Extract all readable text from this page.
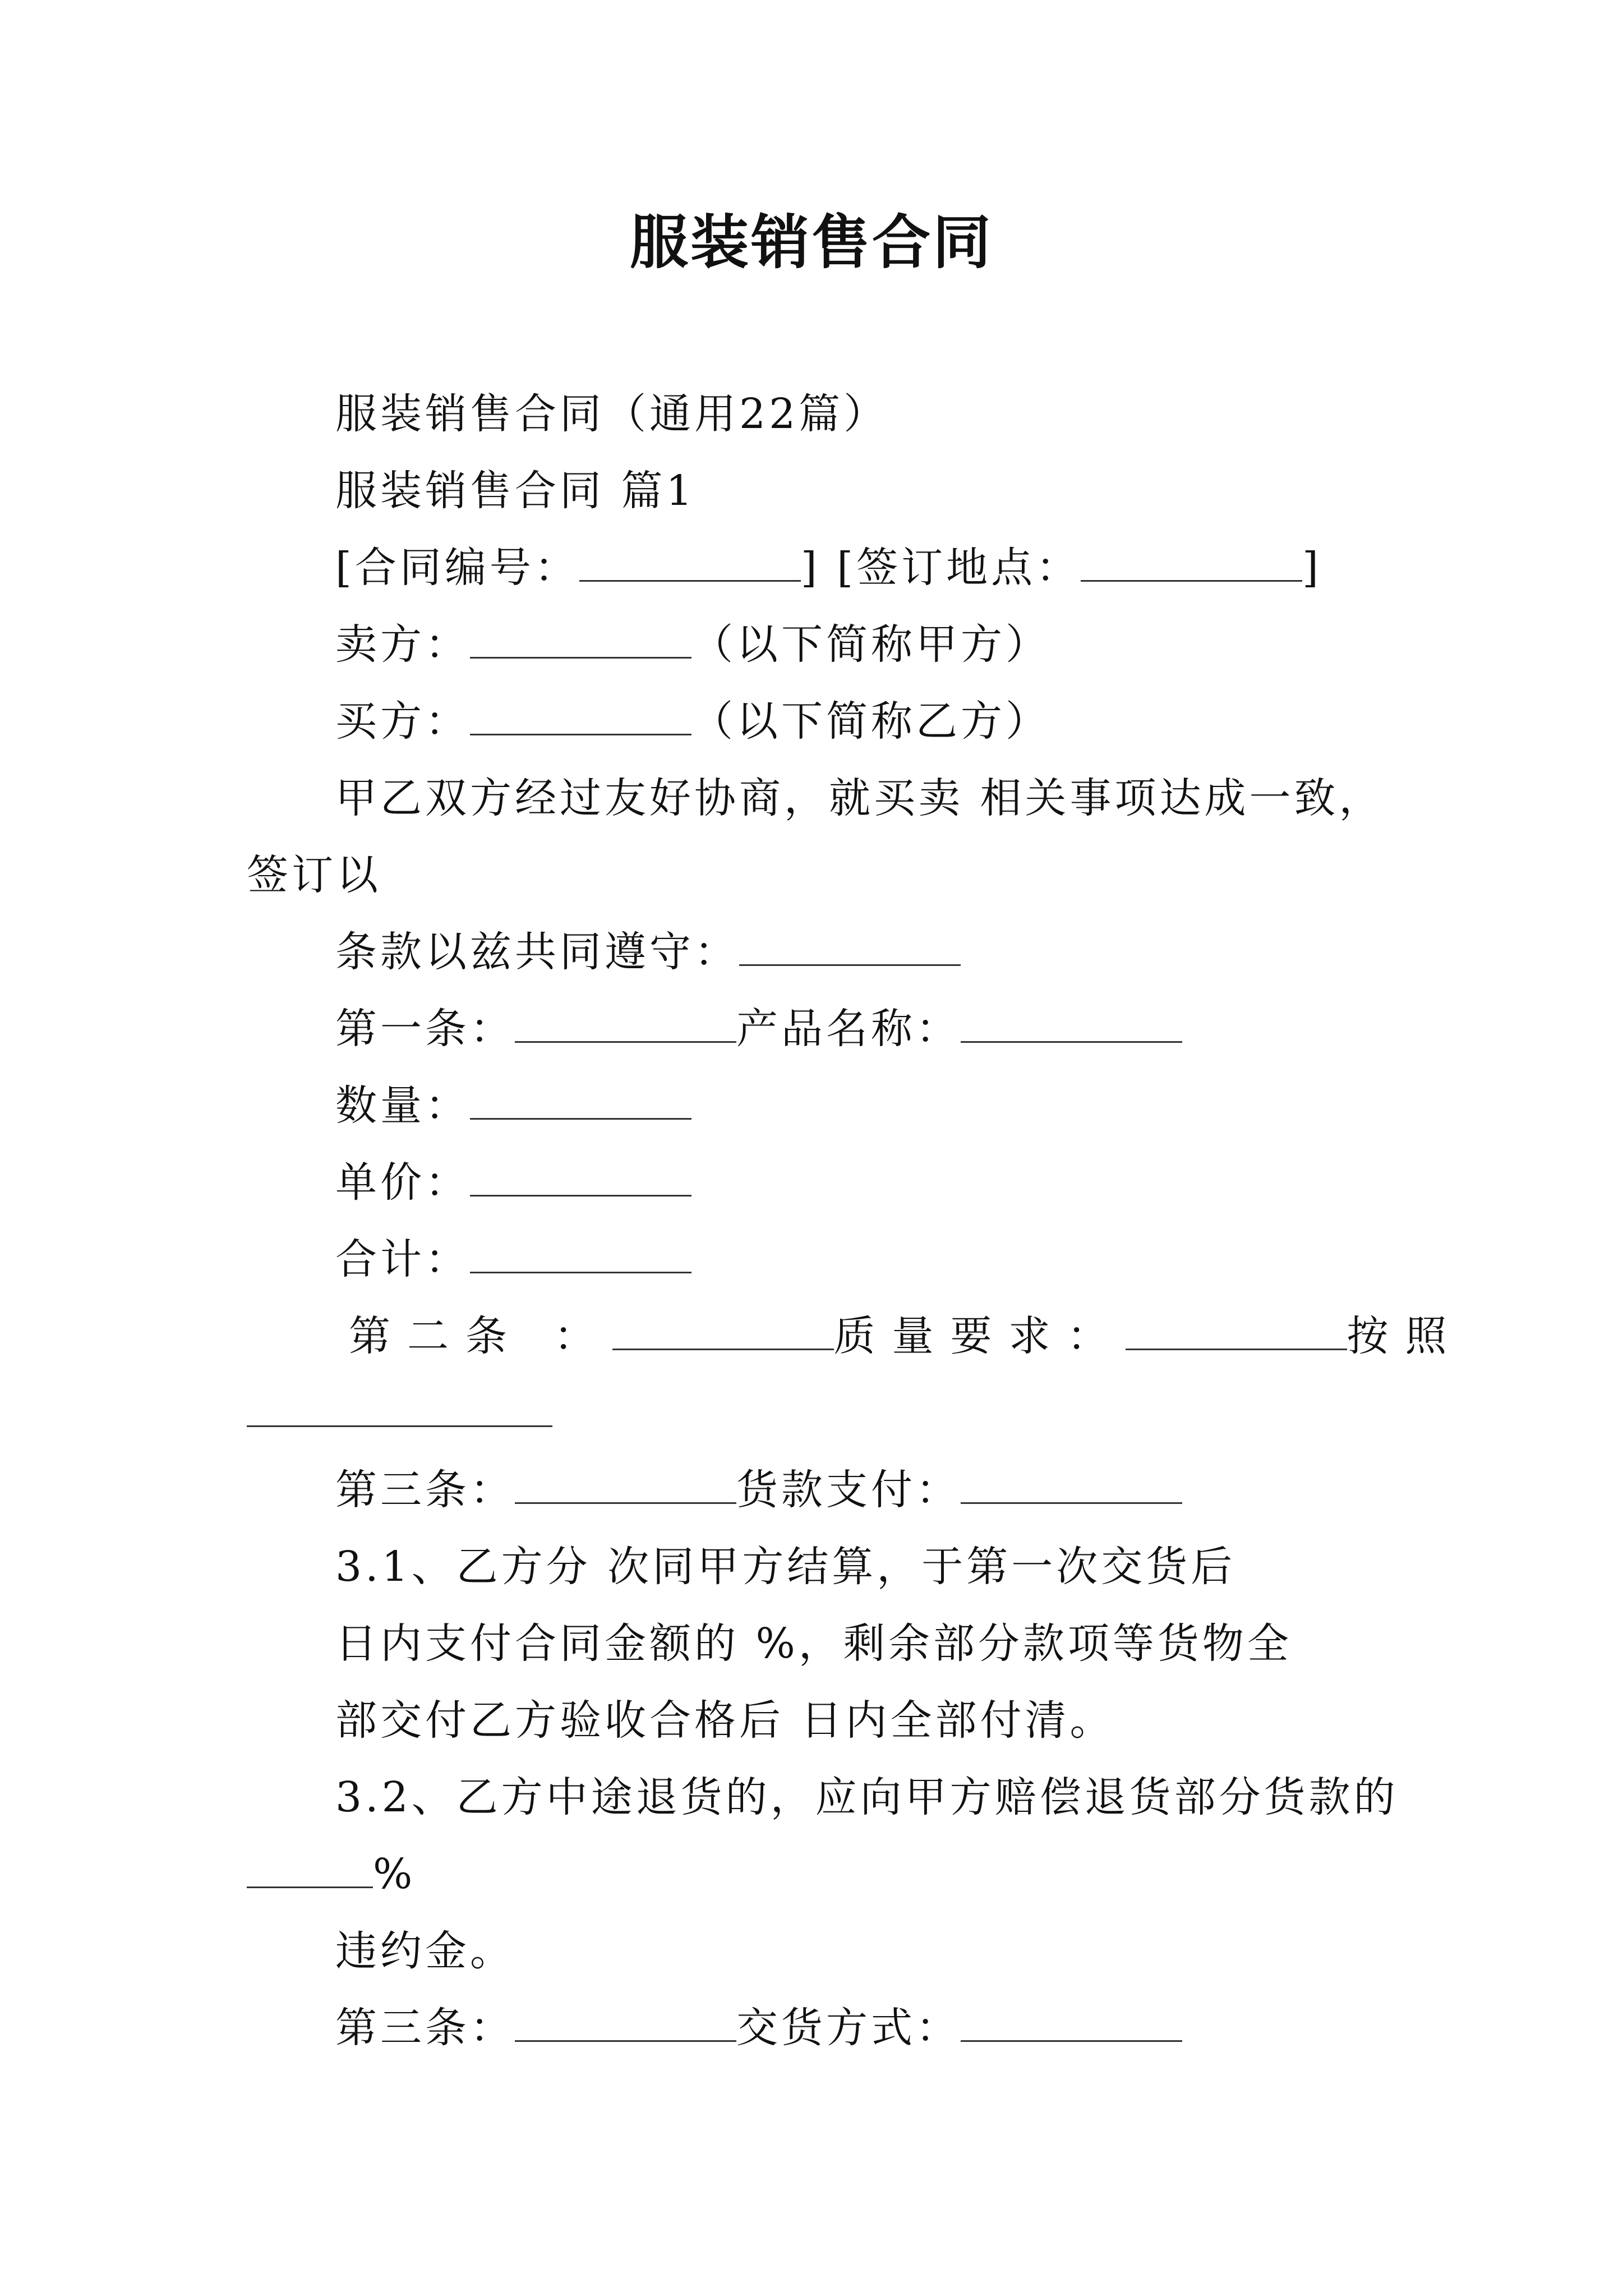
服装销售合同
服装销售合同（通用22篇）
服装销售合同 篇1
[合同编号：	] [签订地点：	]
卖方：	（以下简称甲方）
买方：	（以下简称乙方）
甲乙双方经过友好协商，就买卖 相关事项达成一致，
签订以
条款以兹共同遵守：
第一条：	产品名称：
数量：
单价：
合计：
第二条 ：	质量要求：	按照
第三条：	货款支付：
3.1、乙方分 次同甲方结算，于第一次交货后
日内支付合同金额的 %，剩余部分款项等货物全
部交付乙方验收合格后 日内全部付清。
3.2、乙方中途退货的，应向甲方赔偿退货部分货款的
%
违约金。
第三条：	交货方式：
